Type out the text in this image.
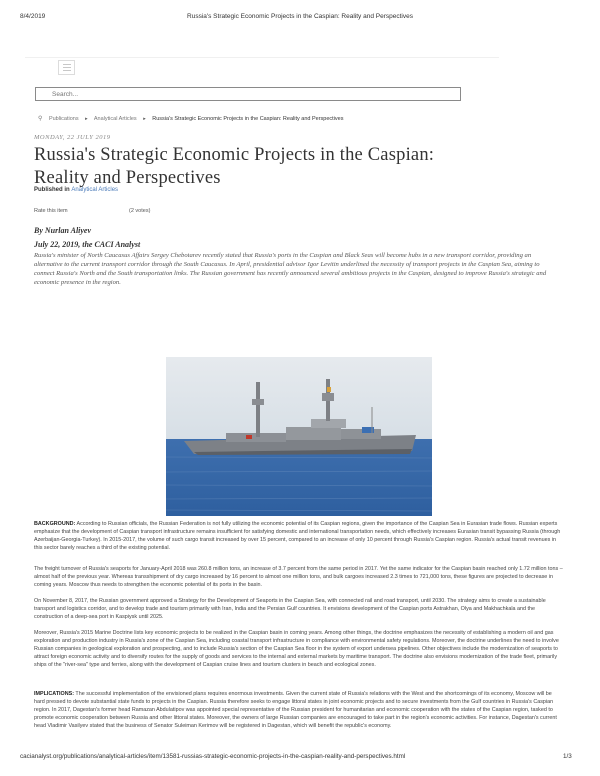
8/4/2019	Russia's Strategic Economic Projects in the Caspian: Reality and Perspectives
Search...
⚲ Publications ▸ Analytical Articles ▸ Russia's Strategic Economic Projects in the Caspian: Reality and Perspectives
MONDAY, 22 JULY 2019
Russia's Strategic Economic Projects in the Caspian: Reality and Perspectives
Published in Analytical Articles
Rate this item	(2 votes)
By Nurlan Aliyev
July 22, 2019, the CACI Analyst

Russia's minister of North Caucasus Affairs Sergey Chebotarev recently stated that Russia's ports in the Caspian and Black Seas will become hubs in a new transport corridor, providing an alternative to the current transport corridor through the South Caucasus. In April, presidential advisor Igor Levitin underlined the necessity of transport projects in the Caspian Sea, aiming to connect Russia's North and the South transportation links. The Russian government has recently announced several ambitious projects in the Caspian, designed to improve Russia's strategic and economic presence in the region.

BACKGROUND: According to Russian officials, the Russian Federation is not fully utilizing the economic potential of its Caspian regions, given the importance of the Caspian Sea in Eurasian trade flows. Russian experts emphasize that the development of Caspian transport infrastructure remains insufficient for satisfying domestic and international transportation needs, which effectively increases Eurasian transit bypassing Russia (through Azerbaijan-Georgia-Turkey). In 2015-2017, the volume of such cargo transit increased by over 15 percent, compared to an increase of only 10 percent through Russia's Caspian region. Russia's actual transit revenues in this sector barely reaches a third of the existing potential.

The freight turnover of Russia's seaports for January-April 2018 was 260.8 million tons, an increase of 3.7 percent from the same period in 2017. Yet the same indicator for the Caspian basin reached only 1.72 million tons – almost half of the previous year. Whereas transshipment of dry cargo increased by 16 percent to almost one million tons, and bulk cargoes increased 2.3 times to 721,000 tons, these figures are projected to decrease in coming years. Moscow thus needs to strengthen the economic potential of its ports in the basin.

On November 8, 2017, the Russian government approved a Strategy for the Development of Seaports in the Caspian Sea, with connected rail and road transport, until 2030. The strategy aims to create a sustainable transport and logistics corridor, and to develop trade and tourism primarily with Iran, India and the Persian Gulf countries. It envisions development of the Caspian ports Astrakhan, Olya and Makhachkala and the construction of a deep-sea port in Kaspiysk until 2025.

Moreover, Russia's 2015 Marine Doctrine lists key economic projects to be realized in the Caspian basin in coming years. Among other things, the doctrine emphasizes the necessity of establishing a modern oil and gas exploration and production industry in Russia's zone of the Caspian Sea, including coastal transport infrastructure in compliance with environmental safety regulations. Moreover, the doctrine underlines the need to involve Russian companies in geological exploration and prospecting, and to include Russia's section of the Caspian Sea floor in the system of export undersea pipelines. Other objectives include the modernization of seaports to attract foreign economic activity and to diversify routes for the supply of goods and services to the internal and external markets by maritime transport. The doctrine also envisions modernization of the trade fleet, primarily ships of the "river-sea" type and ferries, along with the development of Caspian cruise lines and tourism clusters in beach and ecological zones.

IMPLICATIONS: The successful implementation of the envisioned plans requires enormous investments. Given the current state of Russia's relations with the West and the shortcomings of its economy, Moscow will be hard pressed to devote substantial state funds to projects in the Caspian. Russia therefore seeks to engage littoral states in joint economic projects and to secure investments from the Gulf countries in Russia's Caspian region. In 2017, Dagestan's former head Ramazan Abdulatipov was appointed special representative of the Russian president for humanitarian and economic cooperation with the states of the Caspian region, tasked to promote economic cooperation between Russia and other littoral states. Moreover, the owners of large Russian companies are encouraged to take part in the region's economic activities. For instance, Dagestan's current head Vladimir Vasilyev stated that the business of Senator Suleiman Kerimov will be registered in Dagestan, which will benefit the republic's economy.

cacianalyst.org/publications/analytical-articles/item/13581-russias-strategic-economic-projects-in-the-caspian-reality-and-perspectives.html	1/3
